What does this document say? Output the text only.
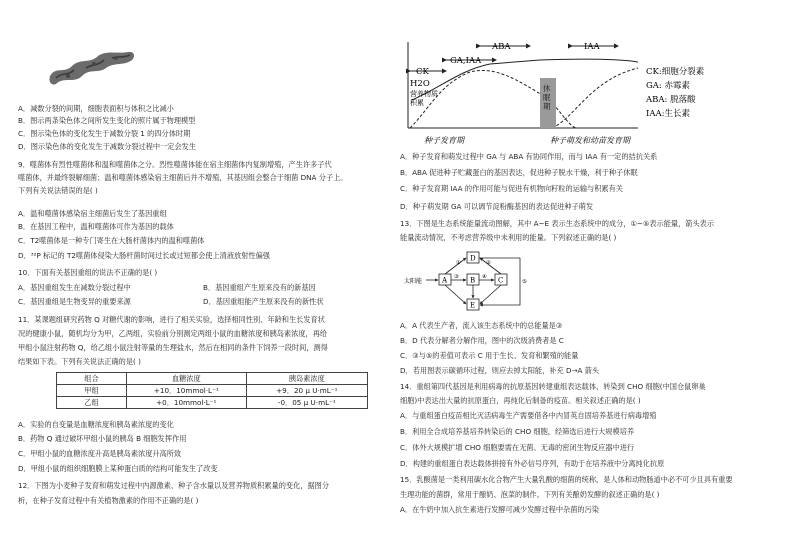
A．减数分裂的间期，细胞表面积与体积之比减小
B．图示两条染色体之间所发生变化的照片属于物理模型
C．图示染色体的变化发生于减数分裂 1 的四分体时期
D．图示染色体的变化发生于减数分裂过程中一定会发生
9．噬菌体有烈性噬菌体和温和噬菌体之分。烈性噬菌体能在宿主细菌体内复制增殖，产生许多子代
噬菌体，并最终裂解细菌；温和噬菌体感染宿主细菌后并不增殖，其基因组会整合于细菌 DNA 分子上。
下列有关说法错误的是( )
A．温和噬菌体感染宿主细菌后发生了基因重组
B．在基因工程中，温和噬菌体可作为基因的载体
C．T2噬菌体是一种专门寄生在大肠杆菌体内的温和噬菌体
D．³²P 标记的 T2噬菌体侵染大肠杆菌时间过长或过短都会使上清液放射性偏强
10．下面有关基因重组的说法不正确的是( )
A．基因重组发生在减数分裂过程中	B．基因重组产生原来没有的新基因
C．基因重组是生物变异的重要来源	D．基因重组能产生原来没有的新性状
11．某课题组研究药物 Q 对糖代谢的影响，进行了相关实验，选择相同性别、年龄和生长发育状
况的健康小鼠，随机均分为甲，乙两组，实验前分别测定两组小鼠的血糖浓度和胰岛素浓度，再给
甲组小鼠注射药物 Q，给乙组小鼠注射等量的生理盐水，然后在相同的条件下饲养一段时间，测得
结果如下表。下列有关说法正确的是( )
组合	血糖浓度	胰岛素浓度
甲组	+10．10mmol·L⁻¹	+9．20 μ U·mL⁻¹
乙组	+0．10mmol·L⁻¹	-0．05 μ U·mL⁻¹
A．实验的自变量是血糖浓度和胰岛素浓度的变化
B．药物 Q 通过破坏甲组小鼠的胰岛 B 细胞发挥作用
C．甲组小鼠的血糖浓度升高是胰岛素浓度升高所致
D．甲组小鼠的组织细胞膜上某种蛋白质的结构可能发生了改变
12．下图为小麦种子发育和萌发过程中内源激素、种子含水量以及营养物质积累量的变化，据图分
析，在种子发育过程中有关植物激素的作用不正确的是( )
ABA	IAA
GA,IAA
CK
休
眠
期
H2O
营 养 物 质
积 累
种子发育期	种子萌发和幼苗发育期
CK:细胞分裂素
GA: 赤霉素
ABA: 脱落酸
IAA:生长素
A．种子发育和萌发过程中 GA 与 ABA 有协同作用，而与 IAA 有一定的拮抗关系
B．ABA 促进种子贮藏蛋白的基因表达，促进种子脱水干燥，利于种子休眠
C．种子发育期 IAA 的作用可能与促进有机物向籽粒的运输与积累有关
D．种子萌发期 GA 可以调节淀粉酶基因的表达促进种子萌发
13．下图是生态系统能量流动图解，其中 A~E 表示生态系统中的成分，①~⑤表示能量，箭头表示
能量流动情况，不考虑营养级中未利用的能量。下列叙述正确的是( )
太阳能	A	B	C
D
E
①	②
③	④
⑤
A．A 代表生产者，流入该生态系统中的总能量是③
B．D 代表分解者分解作用，图中的次级消费者是 C
C．③与⑤的差值可表示 C 用于生长、发育和繁殖的能量
D．若用图表示碳循环过程，则应去掉太阳能，补充 D→A 箭头
14．重组第四代基因是利用病毒的抗原基因转建重组表达载体，转染到 CHO 细胞(中国仓鼠卵巢
细胞)中表达出大量的抗原蛋白，再纯化后制备的疫苗。相关叙述正确的是( )
A．与重组蛋白疫苗相比灭活病毒生产需要借各中内冒英自固培养基进行病毒增殖
B．利用全合成培养基培养转染后的 CHO 细胞，经筛选后进行大规模培养
C．体外大规模扩增 CHO 细胞要需在无菌、无毒的密闭生物反应器中进行
D．构建的重组蛋白表达载体拼接有外必信号序列，有助于在培养液中分离纯化抗原
15．乳酸菌是一类利用碳水化合物产生大量乳酸的细菌的统称，是人体和动物肠道中必不可少且具有重要
生理功能的菌群，常用于酿奶、泡菜的制作。下列有关酿奶发酵的叙述正确的是( )
A．在牛奶中加入抗生素进行发酵可减少发酵过程中杂菌的污染
